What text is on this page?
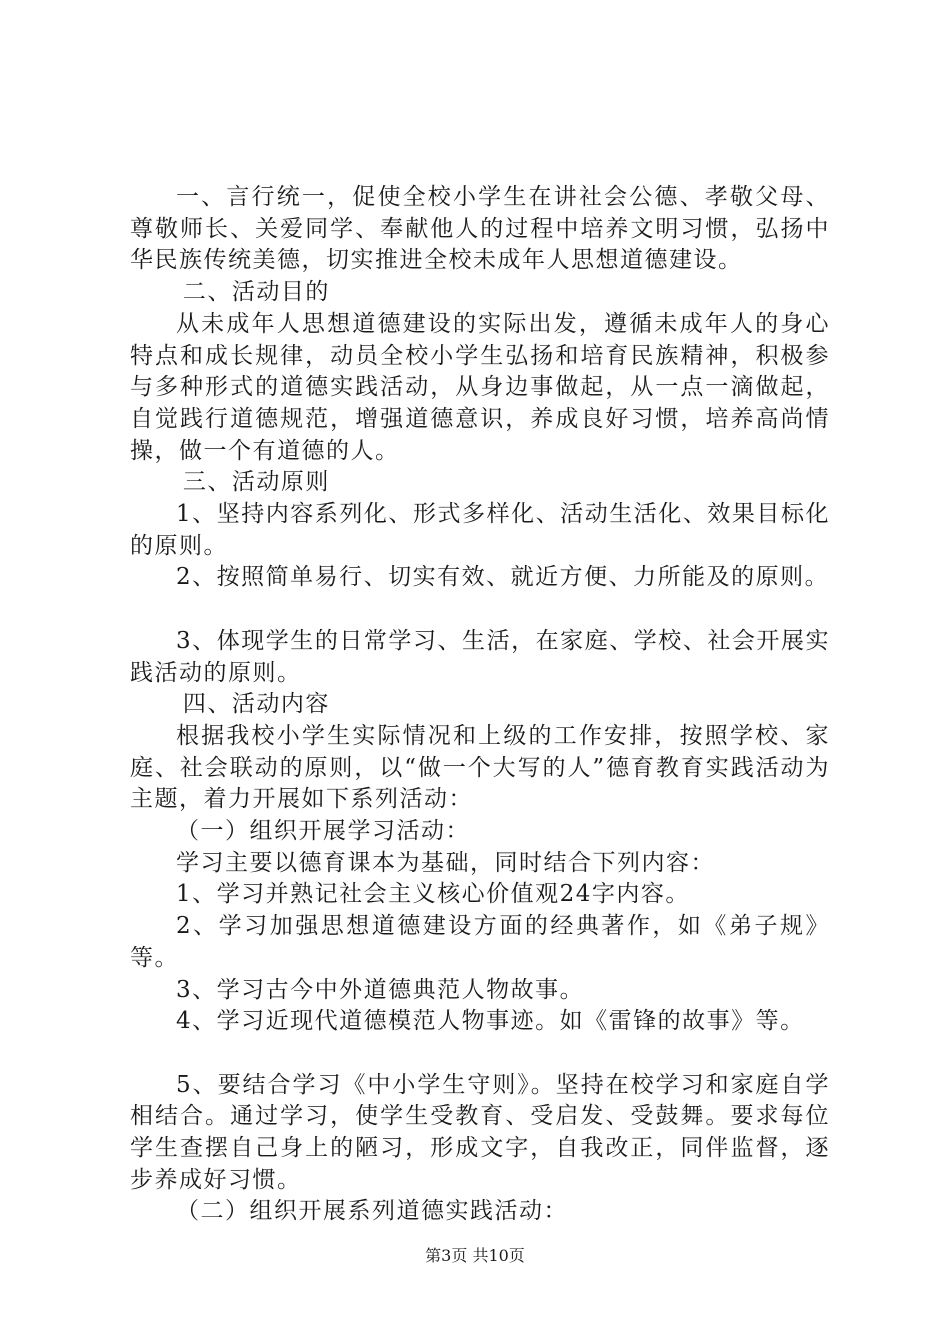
一、言行统一，促使全校小学生在讲社会公德、孝敬父母、尊敬师长、关爱同学、奉献他人的过程中培养文明习惯，弘扬中华民族传统美德，切实推进全校未成年人思想道德建设。

二、活动目的

从未成年人思想道德建设的实际出发，遵循未成年人的身心特点和成长规律，动员全校小学生弘扬和培育民族精神，积极参与多种形式的道德实践活动，从身边事做起，从一点一滴做起，自觉践行道德规范，增强道德意识，养成良好习惯，培养高尚情操，做一个有道德的人。

三、活动原则

1、坚持内容系列化、形式多样化、活动生活化、效果目标化的原则。

2、按照简单易行、切实有效、就近方便、力所能及的原则。

3、体现学生的日常学习、生活，在家庭、学校、社会开展实践活动的原则。

四、活动内容

根据我校小学生实际情况和上级的工作安排，按照学校、家庭、社会联动的原则，以“做一个大写的人”德育教育实践活动为主题，着力开展如下系列活动：

（一）组织开展学习活动：

学习主要以德育课本为基础，同时结合下列内容：

1、学习并熟记社会主义核心价值观24字内容。

2、学习加强思想道德建设方面的经典著作，如《弟子规》等。

3、学习古今中外道德典范人物故事。

4、学习近现代道德模范人物事迹。如《雷锋的故事》等。

5、要结合学习《中小学生守则》。坚持在校学习和家庭自学相结合。通过学习，使学生受教育、受启发、受鼓舞。要求每位学生查摆自己身上的陋习，形成文字，自我改正，同伴监督，逐步养成好习惯。

（二）组织开展系列道德实践活动：

第3页 共10页
